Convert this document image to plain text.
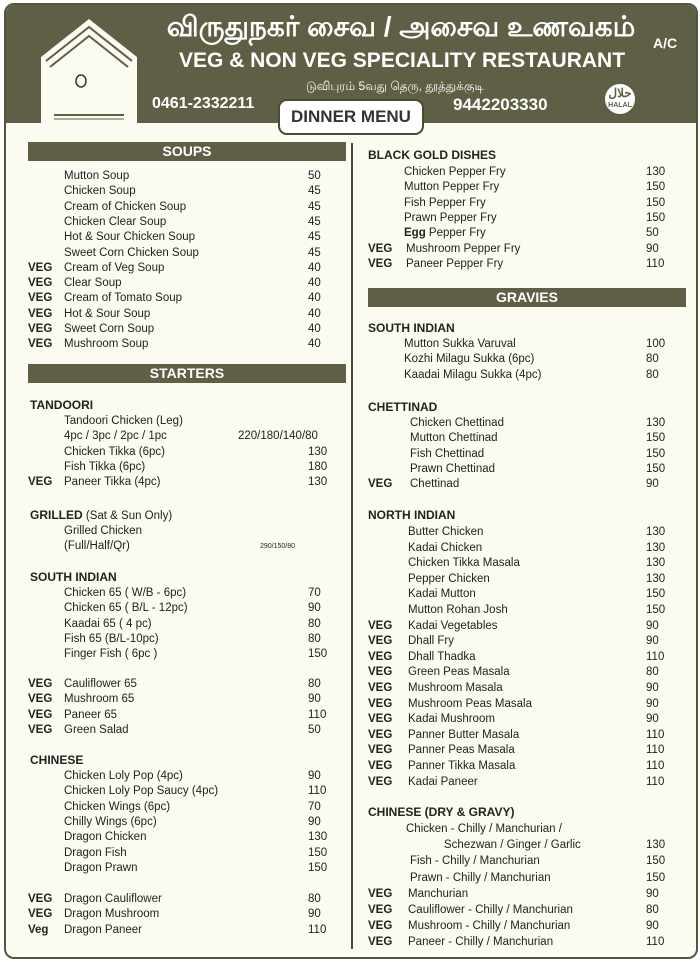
விருதுநகர் சைவ / அசைவ உணவகம்
A/C
VEG & NON VEG SPECIALITY RESTAURANT
டுவிபுரம் 5வது தெரு, தூத்துக்குடி
0461-2332211	9442203330
حلال
HALAL
DINNER MENU
SOUPS
Mutton Soup	50
Chicken Soup	45
Cream of Chicken Soup	45
Chicken Clear Soup	45
Hot & Sour Chicken Soup	45
Sweet Corn Chicken Soup	45
VEG Cream of Veg Soup	40
VEG Clear Soup	40
VEG Cream of Tomato Soup	40
VEG Hot & Sour Soup	40
VEG Sweet Corn Soup	40
VEG Mushroom Soup	40
STARTERS
TANDOORI
Tandoori Chicken (Leg)
4pc / 3pc / 2pc / 1pc	220/180/140/80
Chicken Tikka (6pc)	130
Fish Tikka (6pc)	180
VEG Paneer Tikka (4pc)	130
GRILLED (Sat & Sun Only)
Grilled Chicken
(Full/Half/Qr)	290/150/80
SOUTH INDIAN
Chicken 65 ( W/B - 6pc)	70
Chicken 65 ( B/L - 12pc)	90
Kaadai 65 ( 4 pc)	80
Fish 65 (B/L-10pc)	80
Finger Fish ( 6pc )	150
VEG Cauliflower 65	80
VEG Mushroom 65	90
VEG Paneer 65	110
VEG Green Salad	50
CHINESE
Chicken Loly Pop (4pc)	90
Chicken Loly Pop Saucy (4pc)	110
Chicken Wings (6pc)	70
Chilly Wings (6pc)	90
Dragon Chicken	130
Dragon Fish	150
Dragon Prawn	150
VEG Dragon Cauliflower	80
VEG Dragon Mushroom	90
Veg Dragon Paneer	110
BLACK GOLD DISHES
Chicken Pepper Fry	130
Mutton Pepper Fry	150
Fish Pepper Fry	150
Prawn Pepper Fry	150
Egg Pepper Fry	50
VEG Mushroom Pepper Fry	90
VEG Paneer Pepper Fry	110
GRAVIES
SOUTH INDIAN
Mutton Sukka Varuval	100
Kozhi Milagu Sukka (6pc)	80
Kaadai Milagu Sukka (4pc)	80
CHETTINAD
Chicken Chettinad	130
Mutton Chettinad	150
Fish Chettinad	150
Prawn Chettinad	150
VEG Chettinad	90
NORTH INDIAN
Butter Chicken	130
Kadai Chicken	130
Chicken Tikka Masala	130
Pepper Chicken	130
Kadai Mutton	150
Mutton Rohan Josh	150
VEG Kadai Vegetables	90
VEG Dhall Fry	90
VEG Dhall Thadka	110
VEG Green Peas Masala	80
VEG Mushroom Masala	90
VEG Mushroom Peas Masala	90
VEG Kadai Mushroom	90
VEG Panner Butter Masala	110
VEG Panner Peas Masala	110
VEG Panner Tikka Masala	110
VEG Kadai Paneer	110
CHINESE (DRY & GRAVY)
Chicken - Chilly / Manchurian /
Schezwan / Ginger / Garlic	130
Fish - Chilly / Manchurian	150
Prawn - Chilly / Manchurian	150
VEG Manchurian	90
VEG Cauliflower - Chilly / Manchurian	80
VEG Mushroom - Chilly / Manchurian	90
VEG Paneer - Chilly / Manchurian	110
